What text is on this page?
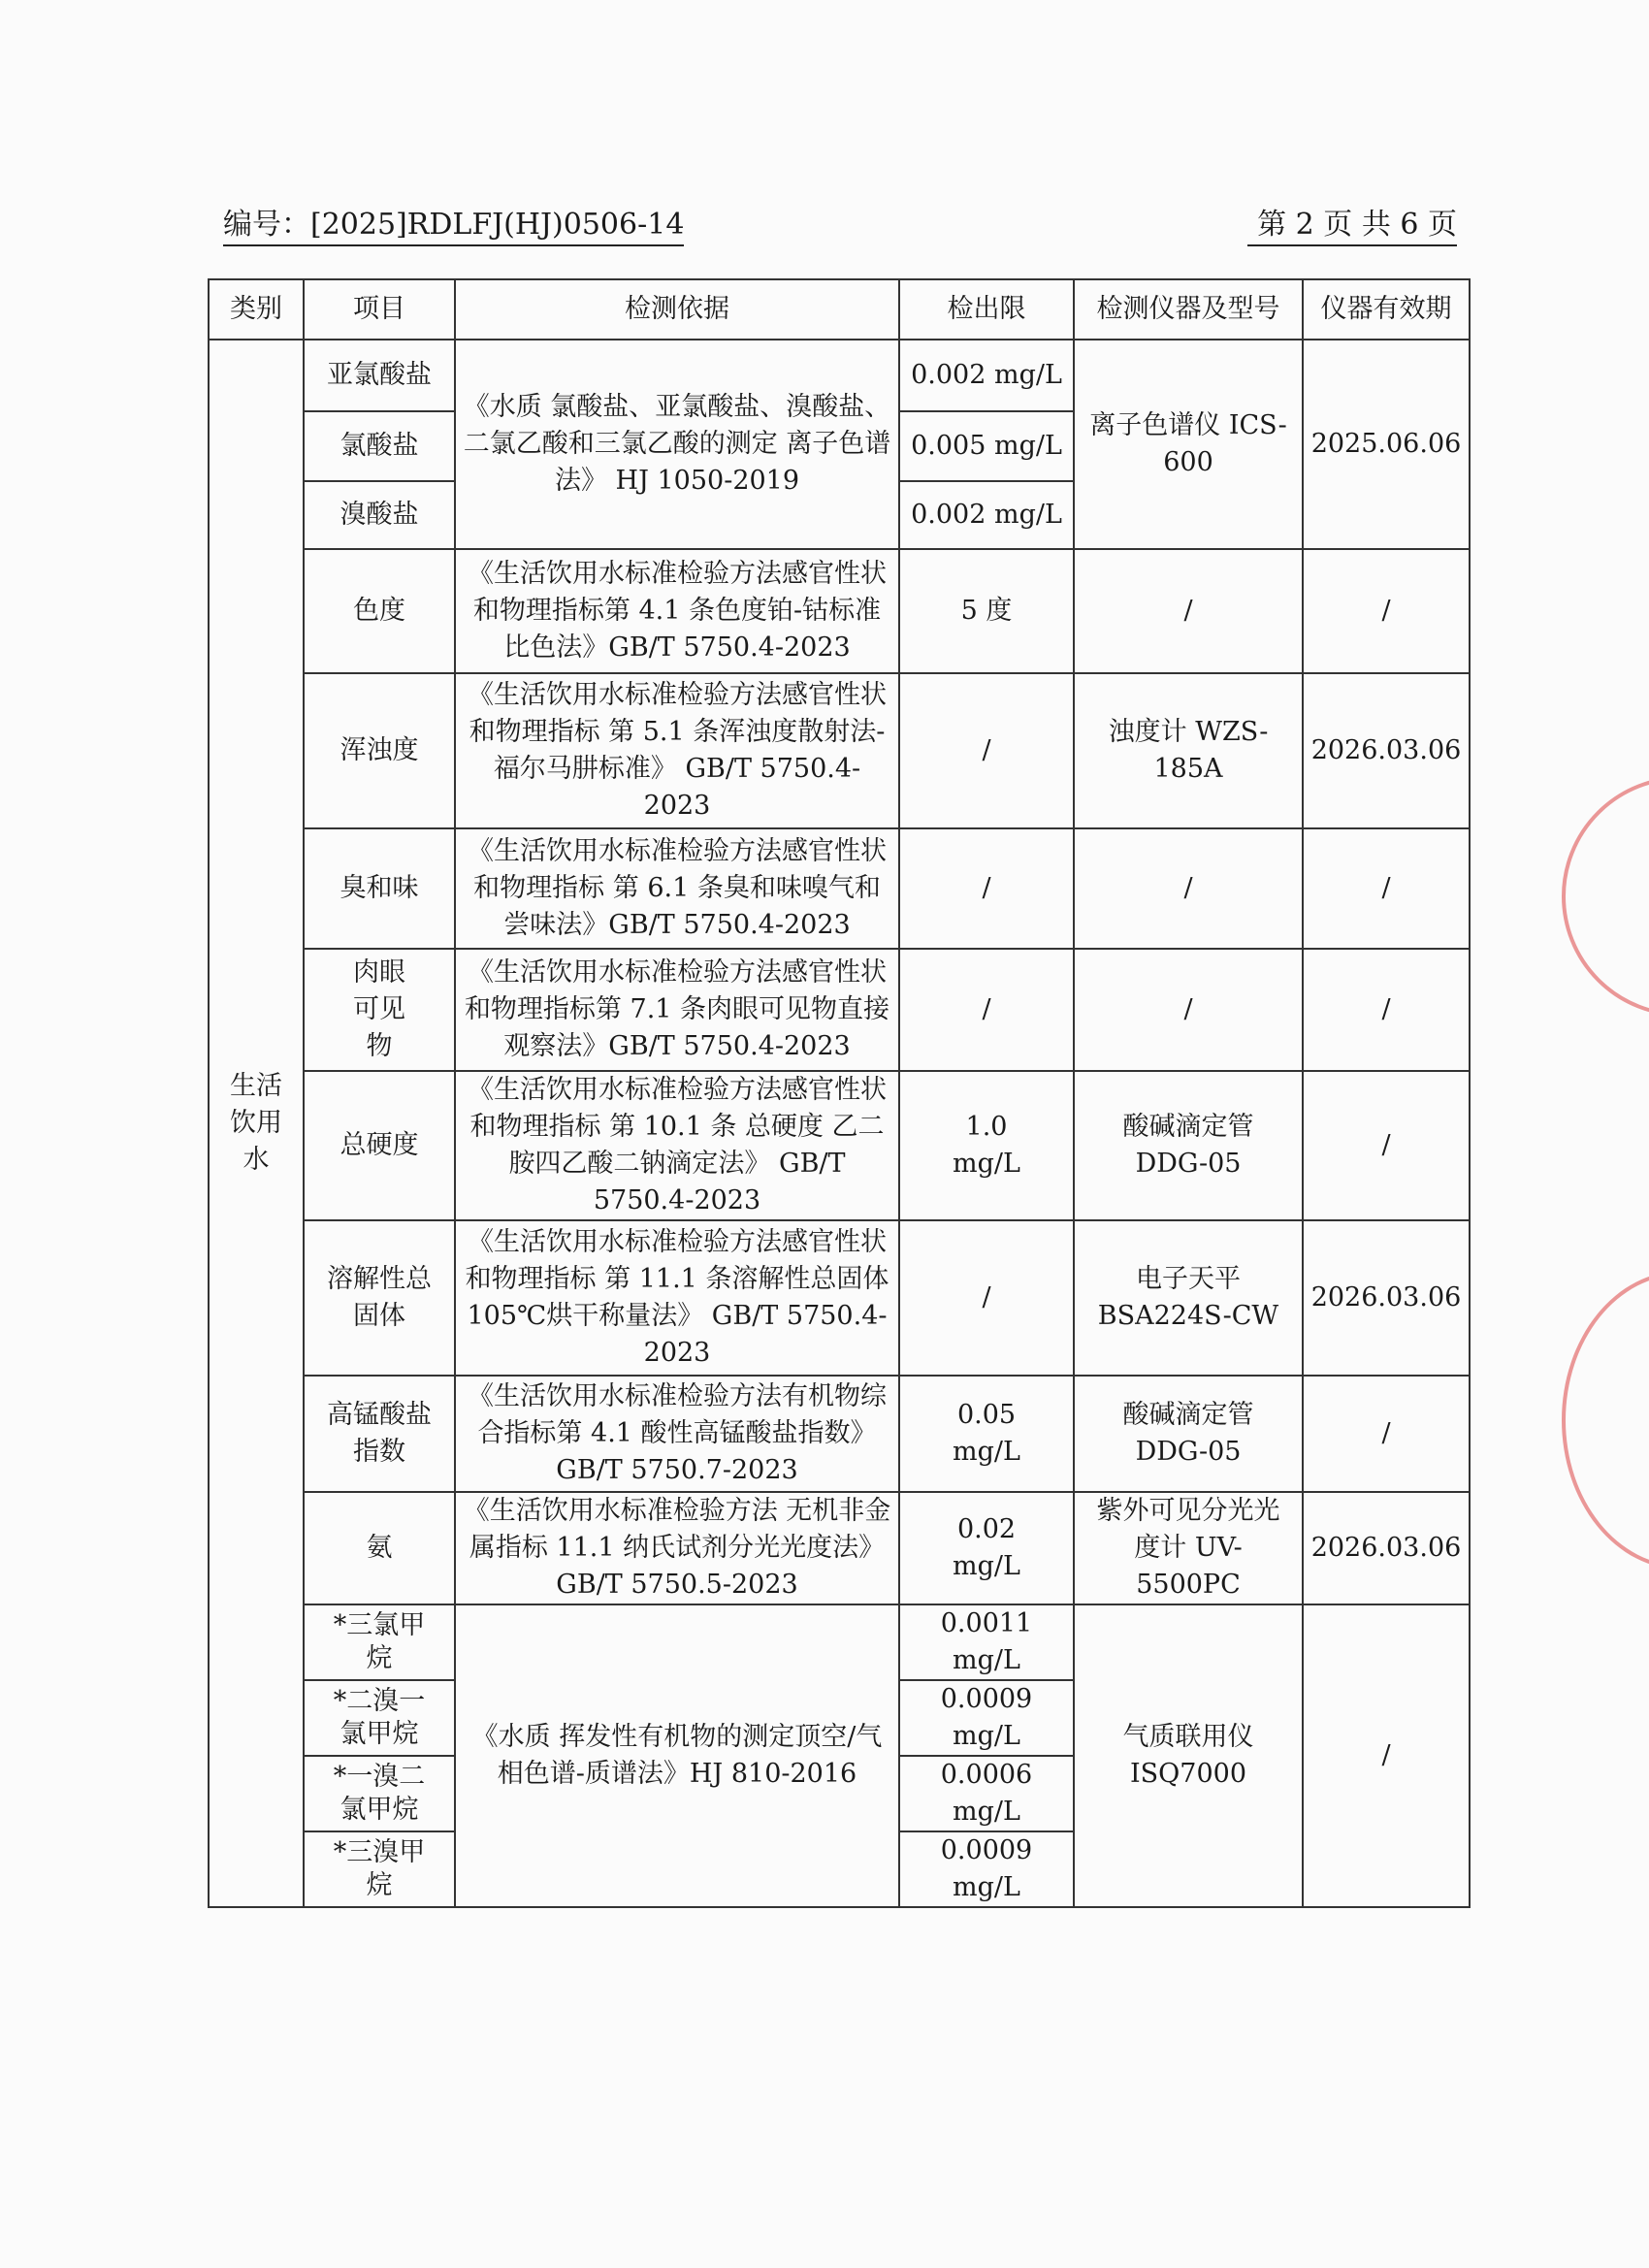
编号：[2025]RDLFJ(HJ)0506-14	第 2 页 共 6 页
类别	项目	检测依据	检出限	检测仪器及型号	仪器有效期
生活饮用水	亚氯酸盐	《水质 氯酸盐、亚氯酸盐、溴酸盐、二氯乙酸和三氯乙酸的测定 离子色谱法》 HJ 1050-2019	0.002 mg/L	离子色谱仪 ICS-600	2025.06.06
	氯酸盐		0.005 mg/L		
	溴酸盐		0.002 mg/L		
	色度	《生活饮用水标准检验方法感官性状和物理指标第 4.1 条色度铂-钴标准比色法》GB/T 5750.4-2023	5 度	/	/
	浑浊度	《生活饮用水标准检验方法感官性状和物理指标 第 5.1 条浑浊度散射法-福尔马肼标准》 GB/T 5750.4-2023	/	浊度计 WZS-185A	2026.03.06
	臭和味	《生活饮用水标准检验方法感官性状和物理指标 第 6.1 条臭和味嗅气和尝味法》GB/T 5750.4-2023	/	/	/
	肉眼可见物	《生活饮用水标准检验方法感官性状和物理指标第 7.1 条肉眼可见物直接观察法》GB/T 5750.4-2023	/	/	/
	总硬度	《生活饮用水标准检验方法感官性状和物理指标 第 10.1 条 总硬度 乙二胺四乙酸二钠滴定法》 GB/T 5750.4-2023	1.0 mg/L	酸碱滴定管 DDG-05	/
	溶解性总固体	《生活饮用水标准检验方法感官性状和物理指标 第 11.1 条溶解性总固体 105℃烘干称量法》 GB/T 5750.4-2023	/	电子天平 BSA224S-CW	2026.03.06
	高锰酸盐指数	《生活饮用水标准检验方法有机物综合指标第 4.1 酸性高锰酸盐指数》GB/T 5750.7-2023	0.05 mg/L	酸碱滴定管 DDG-05	/
	氨	《生活饮用水标准检验方法 无机非金属指标 11.1 纳氏试剂分光光度法》GB/T 5750.5-2023	0.02 mg/L	紫外可见分光光度计 UV-5500PC	2026.03.06
	*三氯甲烷	《水质 挥发性有机物的测定顶空/气相色谱-质谱法》HJ 810-2016	0.0011 mg/L	气质联用仪 ISQ7000	/
	*二溴一氯甲烷		0.0009 mg/L		
	*一溴二氯甲烷		0.0006 mg/L		
	*三溴甲烷		0.0009 mg/L		
